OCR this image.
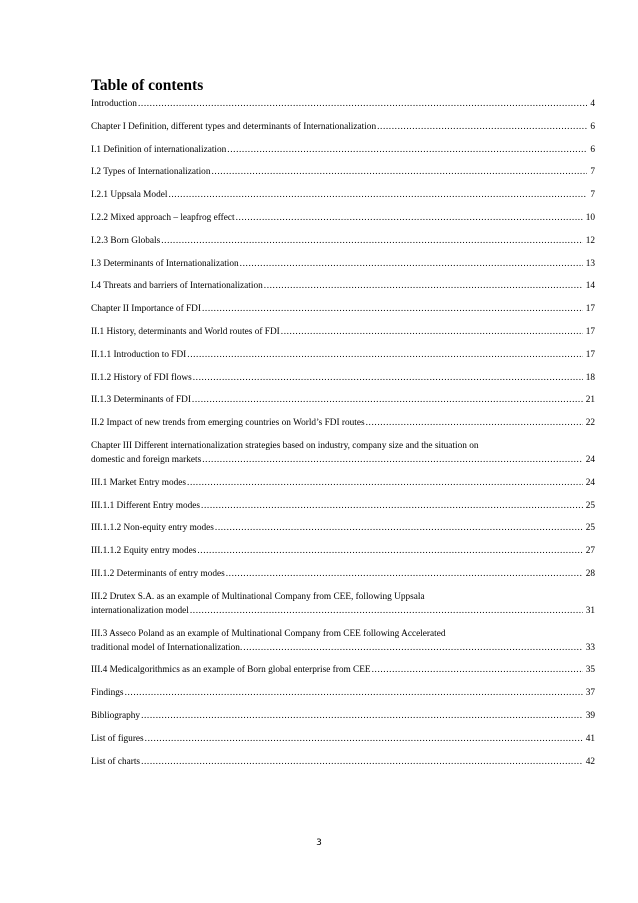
Table of contents
Introduction .....	4
Chapter I Definition, different types and determinants of Internationalization .....	6
I.1 Definition of internationalization .....	6
I.2 Types of Internationalization .....	7
I.2.1 Uppsala Model .....	7
I.2.2 Mixed approach – leapfrog effect .....	10
I.2.3 Born Globals .....	12
I.3 Determinants of Internationalization .....	13
I.4 Threats and barriers of Internationalization .....	14
Chapter II Importance of FDI .....	17
II.1 History, determinants and World routes of FDI .....	17
II.1.1 Introduction to FDI .....	17
II.1.2 History of FDI flows .....	18
II.1.3 Determinants of FDI .....	21
II.2 Impact of new trends from emerging countries on World’s FDI routes .....	22
Chapter III Different internationalization strategies based on industry, company size and the situation on
domestic and foreign markets .....	24
III.1 Market Entry modes .....	24
III.1.1 Different Entry modes .....	25
III.1.1.2 Non-equity entry modes .....	25
III.1.1.2 Equity entry modes .....	27
III.1.2 Determinants of entry modes .....	28
III.2 Drutex S.A. as an example of Multinational Company from CEE, following Uppsala
internationalization model .....	31
III.3 Asseco Poland as an example of Multinational Company from CEE following Accelerated
traditional model of Internationalization. .....	33
III.4 Medicalgorithmics as an example of Born global enterprise from CEE .....	35
Findings .....	37
Bibliography .....	39
List of figures .....	41
List of charts .....	42
3
